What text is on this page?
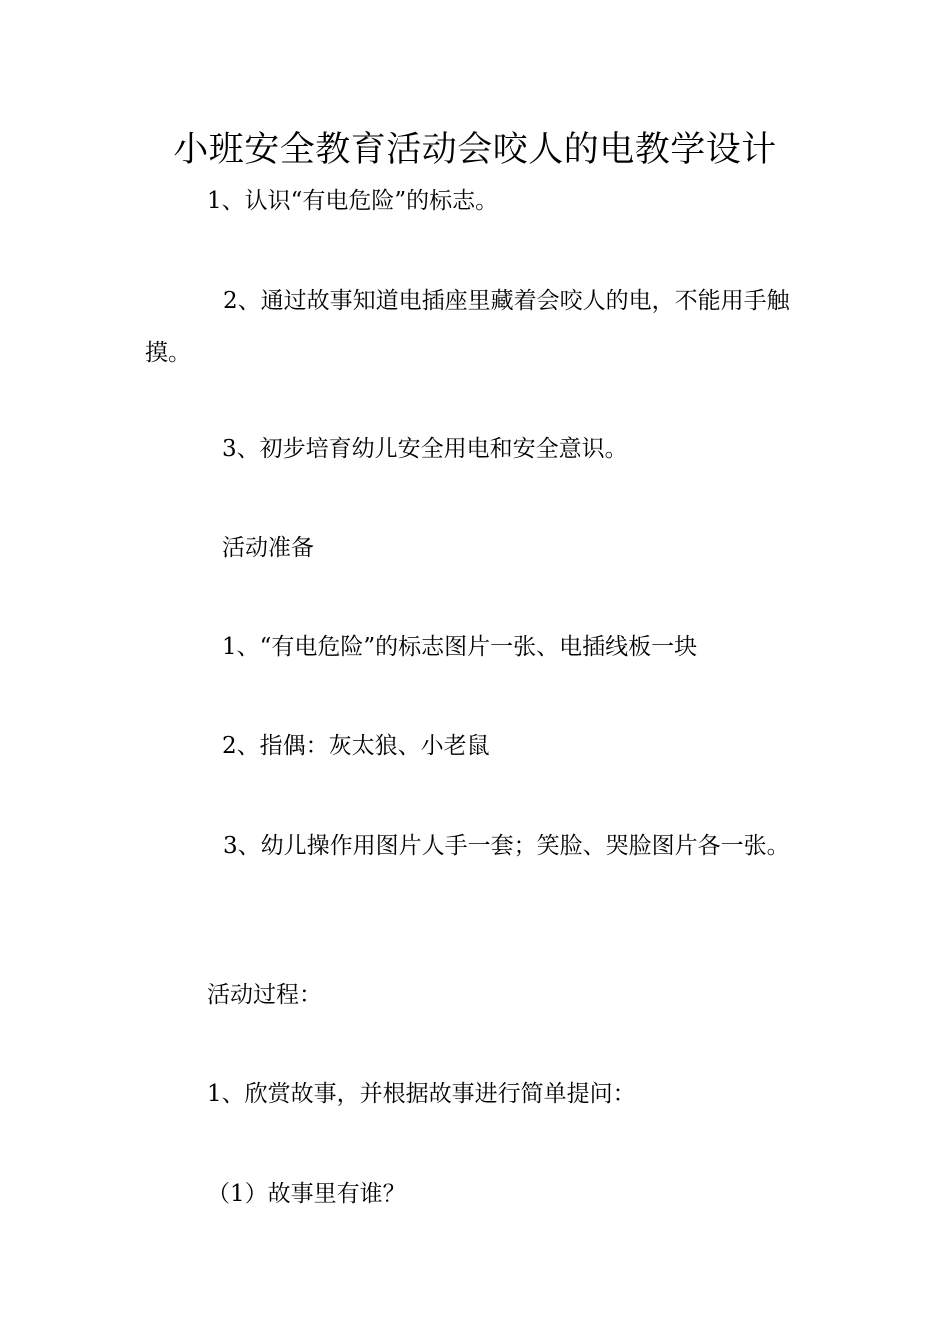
小班安全教育活动会咬人的电教学设计

1、认识“有电危险”的标志。

2、通过故事知道电插座里藏着会咬人的电，不能用手触摸。

3、初步培育幼儿安全用电和安全意识。

活动准备

1、“有电危险”的标志图片一张、电插线板一块

2、指偶：灰太狼、小老鼠

3、幼儿操作用图片人手一套；笑脸、哭脸图片各一张。

活动过程：

1、欣赏故事，并根据故事进行简单提问：

（1）故事里有谁？
